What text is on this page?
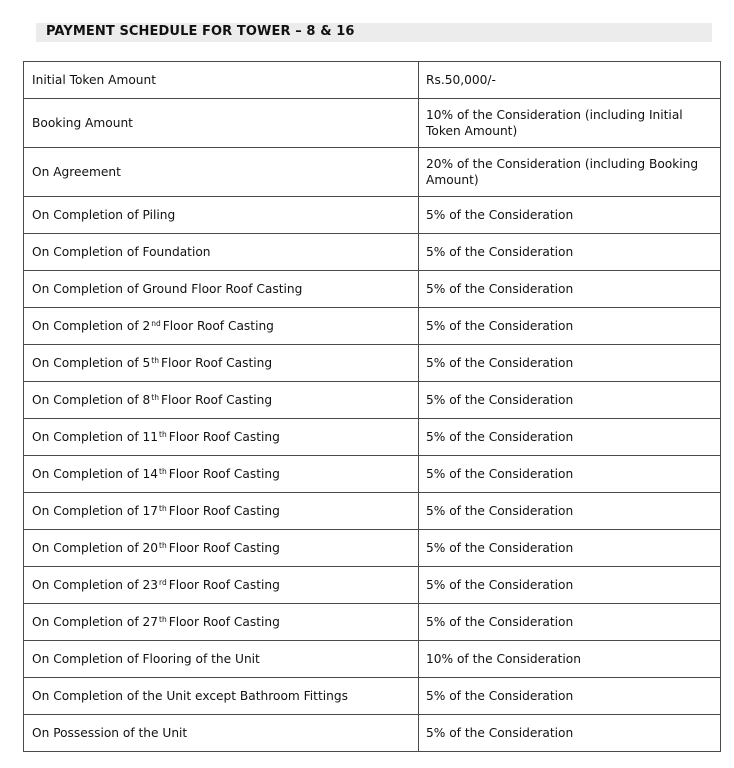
PAYMENT SCHEDULE FOR TOWER – 8 & 16
Initial Token Amount	Rs.50,000/-
Booking Amount	10% of the Consideration (including Initial Token Amount)
On Agreement	20% of the Consideration (including Booking Amount)
On Completion of Piling	5% of the Consideration
On Completion of Foundation	5% of the Consideration
On Completion of Ground Floor Roof Casting	5% of the Consideration
On Completion of 2nd Floor Roof Casting	5% of the Consideration
On Completion of 5th Floor Roof Casting	5% of the Consideration
On Completion of 8th Floor Roof Casting	5% of the Consideration
On Completion of 11th Floor Roof Casting	5% of the Consideration
On Completion of 14th Floor Roof Casting	5% of the Consideration
On Completion of 17th Floor Roof Casting	5% of the Consideration
On Completion of 20th Floor Roof Casting	5% of the Consideration
On Completion of 23rd Floor Roof Casting	5% of the Consideration
On Completion of 27th Floor Roof Casting	5% of the Consideration
On Completion of Flooring of the Unit	10% of the Consideration
On Completion of the Unit except Bathroom Fittings	5% of the Consideration
On Possession of the Unit	5% of the Consideration
